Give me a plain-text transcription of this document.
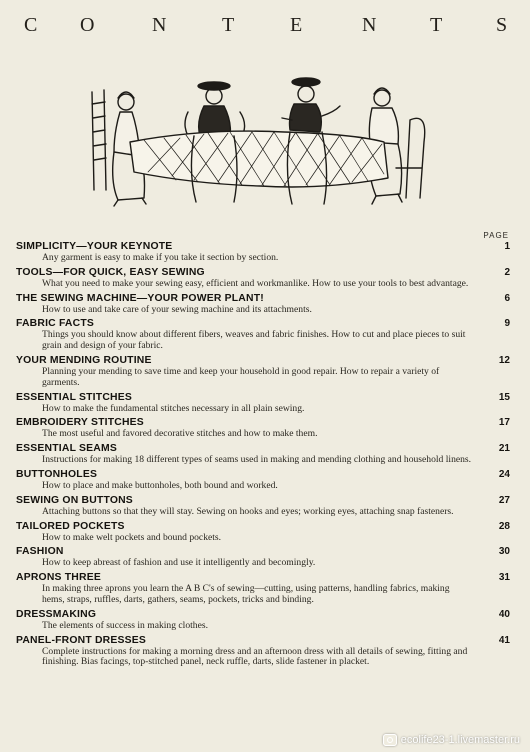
C O	N	T	E	N	T	S
PAGE
SIMPLICITY—YOUR KEYNOTE	1
Any garment is easy to make if you take it section by section.
TOOLS—FOR QUICK, EASY SEWING	2
What you need to make your sewing easy, efficient and workmanlike. How to use your tools to best advantage.
THE SEWING MACHINE—YOUR POWER PLANT!	6
How to use and take care of your sewing machine and its attachments.
FABRIC FACTS	9
Things you should know about different fibers, weaves and fabric finishes. How to cut and place pieces to suit grain and design of your fabric.
YOUR MENDING ROUTINE	12
Planning your mending to save time and keep your household in good repair. How to repair a variety of garments.
ESSENTIAL STITCHES	15
How to make the fundamental stitches necessary in all plain sewing.
EMBROIDERY STITCHES	17
The most useful and favored decorative stitches and how to make them.
ESSENTIAL SEAMS	21
Instructions for making 18 different types of seams used in making and mending clothing and household linens.
BUTTONHOLES	24
How to place and make buttonholes, both bound and worked.
SEWING ON BUTTONS	27
Attaching buttons so that they will stay. Sewing on hooks and eyes; working eyes, attaching snap fasteners.
TAILORED POCKETS	28
How to make welt pockets and bound pockets.
FASHION	30
How to keep abreast of fashion and use it intelligently and becomingly.
APRONS THREE	31
In making three aprons you learn the A B C's of sewing—cutting, using patterns, handling fabrics, making hems, straps, ruffles, darts, gathers, seams, pockets, tricks and binding.
DRESSMAKING	40
The elements of success in making clothes.
PANEL-FRONT DRESSES	41
Complete instructions for making a morning dress and an afternoon dress with all details of sewing, fitting and finishing. Bias facings, top-stitched panel, neck ruffle, darts, slide fastener in placket.
ecolife23-1.livemaster.ru
